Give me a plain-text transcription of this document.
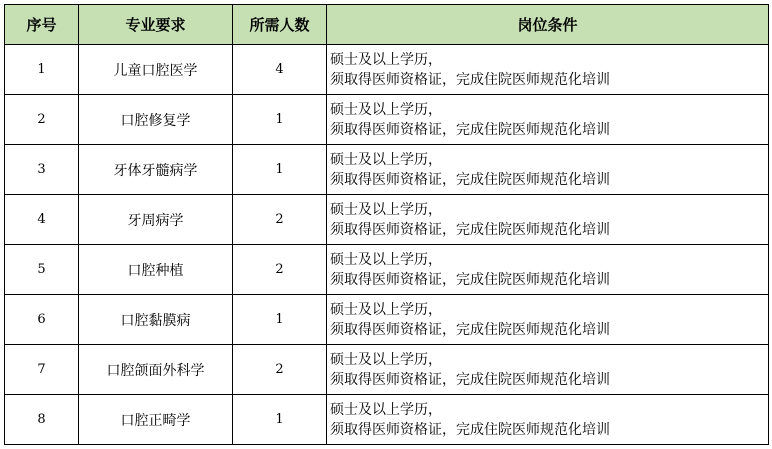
序号	专业要求	所需人数	岗位条件
1	儿童口腔医学	4	硕士及以上学历，
须取得医师资格证，完成住院医师规范化培训

2	口腔修复学	1	硕士及以上学历，
须取得医师资格证，完成住院医师规范化培训

3	牙体牙髓病学	1	硕士及以上学历，
须取得医师资格证，完成住院医师规范化培训

4	牙周病学	2	硕士及以上学历，
须取得医师资格证，完成住院医师规范化培训

5	口腔种植	2	硕士及以上学历，
须取得医师资格证，完成住院医师规范化培训

6	口腔黏膜病	1	硕士及以上学历，
须取得医师资格证，完成住院医师规范化培训

7	口腔颌面外科学	2	硕士及以上学历，
须取得医师资格证，完成住院医师规范化培训

8	口腔正畸学	1	硕士及以上学历，
须取得医师资格证，完成住院医师规范化培训
